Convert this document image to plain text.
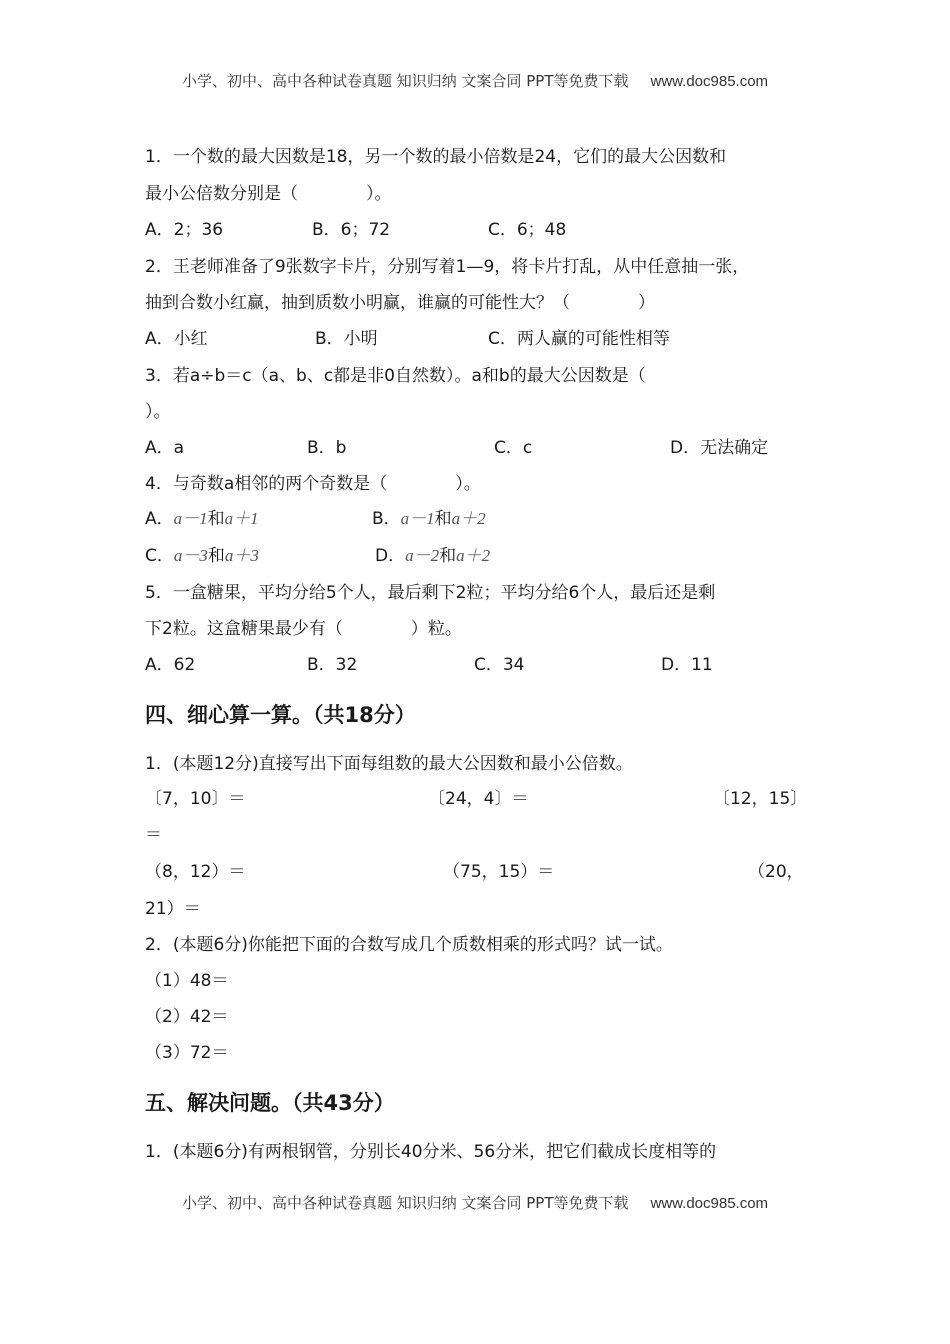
小学、初中、高中各种试卷真题 知识归纳 文案合同 PPT等免费下载 www.doc985.com
1．一个数的最大因数是18，另一个数的最小倍数是24，它们的最大公因数和
最小公倍数分别是（　　　　）。
A．2；36	B．6；72	C．6；48
2．王老师准备了9张数字卡片，分别写着1—9，将卡片打乱，从中任意抽一张，
抽到合数小红赢，抽到质数小明赢，谁赢的可能性大？（　　　　）
A．小红	B．小明	C．两人赢的可能性相等
3．若a÷b＝c（a、b、c都是非0自然数）。a和b的最大公因数是（
）。
A．a	B．b	C．c	D．无法确定
4．与奇数a相邻的两个奇数是（　　　　）。
A．a－1和a＋1	B．a－1和a＋2
C．a－3和a＋3	D．a－2和a＋2
5．一盒糖果，平均分给5个人，最后剩下2粒；平均分给6个人，最后还是剩
下2粒。这盒糖果最少有（　　　　）粒。
A．62	B．32	C．34	D．11
四、细心算一算。（共18分）
1．(本题12分)直接写出下面每组数的最大公因数和最小公倍数。
〔7，10〕＝	〔24，4〕＝	〔12，15〕
＝
（8，12）＝	（75，15）＝	（20，
21）＝
2．(本题6分)你能把下面的合数写成几个质数相乘的形式吗？试一试。
（1）48＝
（2）42＝
（3）72＝
五、解决问题。（共43分）
1．(本题6分)有两根钢管，分别长40分米、56分米，把它们截成长度相等的
小学、初中、高中各种试卷真题 知识归纳 文案合同 PPT等免费下载 www.doc985.com
